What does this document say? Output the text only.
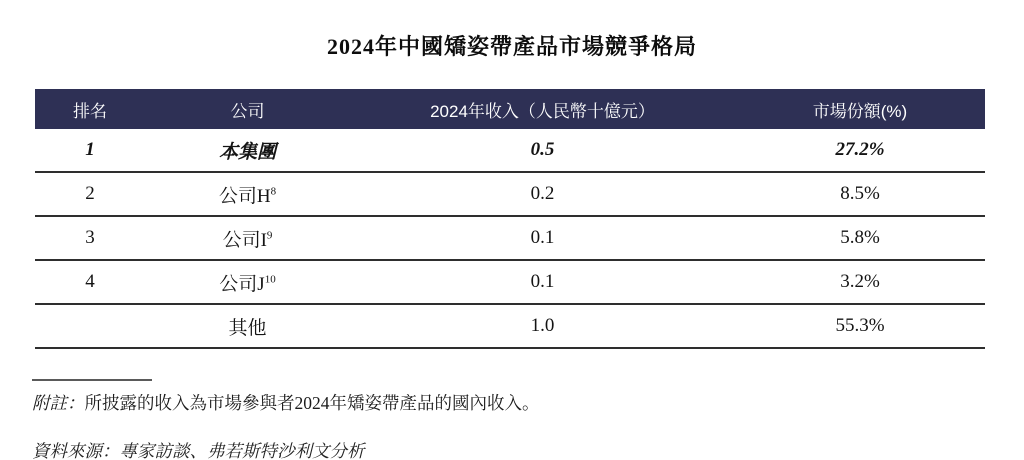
2024年中國矯姿帶產品市場競爭格局
排名	公司	2024年收入（人民幣十億元）	市場份額(%)
1	本集團	0.5	27.2%
2	公司$H^8$	0.2	8.5%
3	公司$I^9$	0.1	5.8%
4	公司$J^{10}$	0.1	3.2%
	其他	1.0	55.3%
附註：所披露的收入為市場參與者2024年矯姿帶產品的國內收入。
資料來源：專家訪談、弗若斯特沙利文分析
